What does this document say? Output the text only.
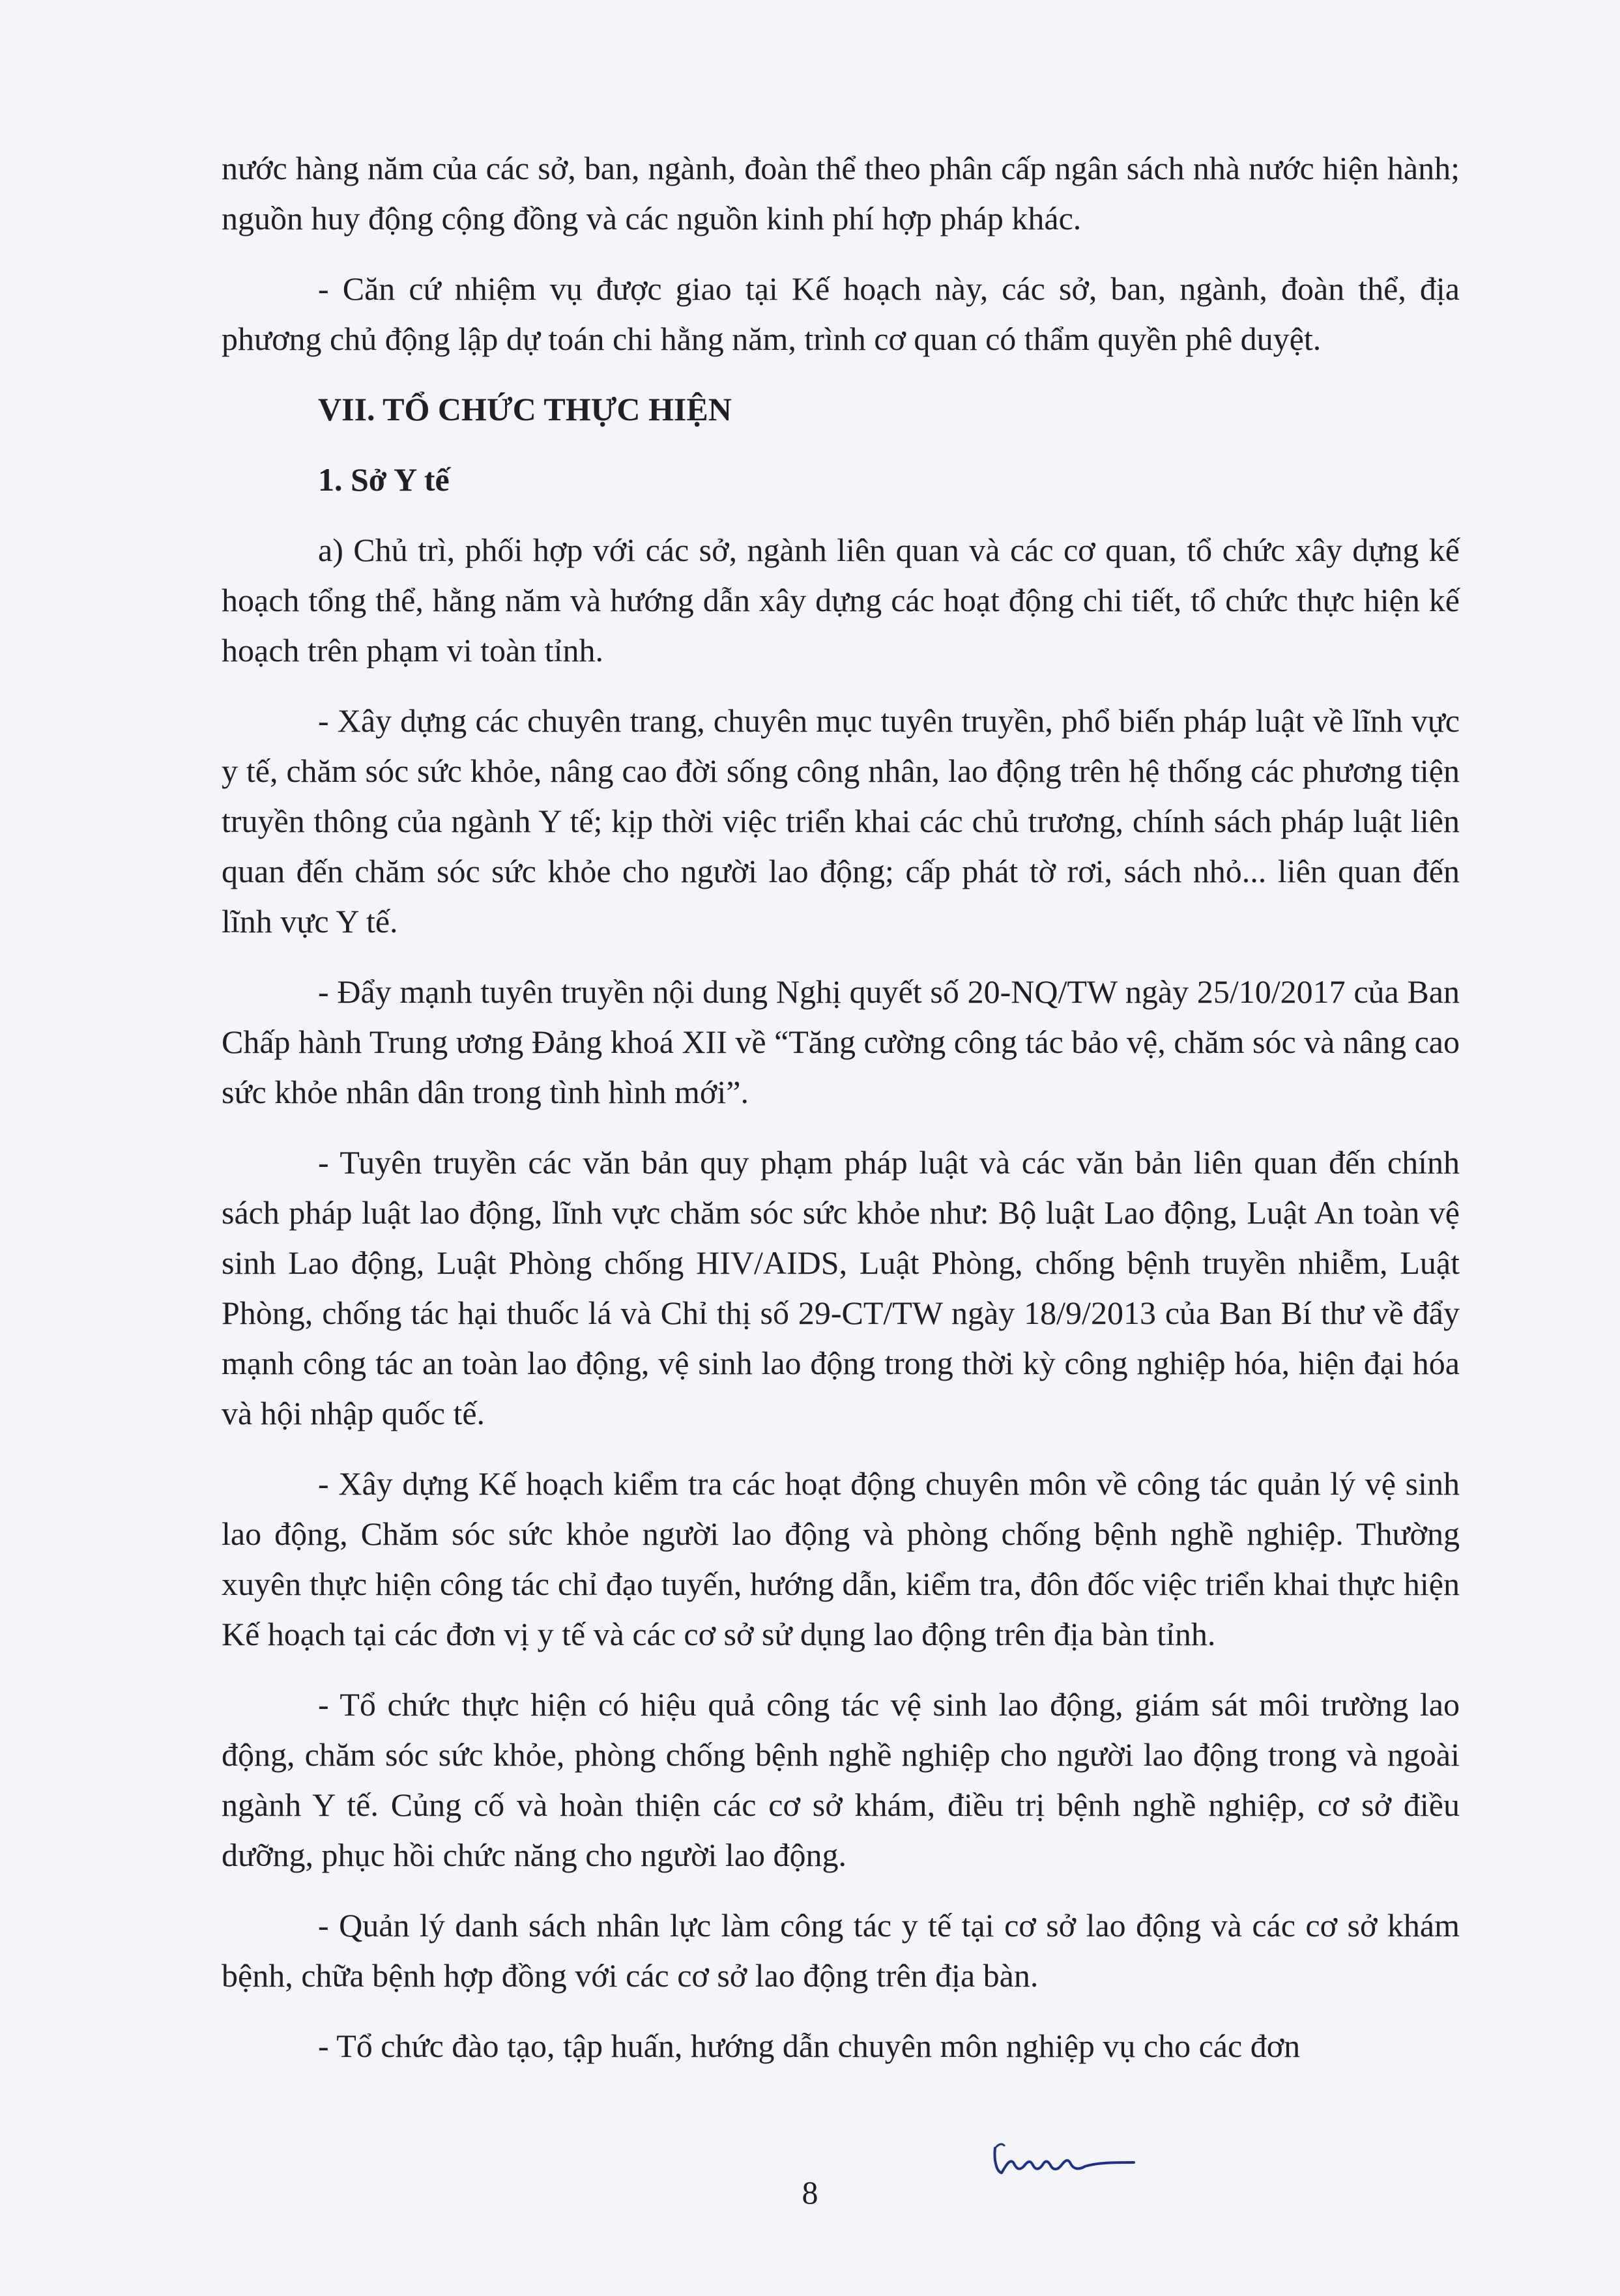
nước hàng năm của các sở, ban, ngành, đoàn thể theo phân cấp ngân sách nhà nước hiện hành; nguồn huy động cộng đồng và các nguồn kinh phí hợp pháp khác.

- Căn cứ nhiệm vụ được giao tại Kế hoạch này, các sở, ban, ngành, đoàn thể, địa phương chủ động lập dự toán chi hằng năm, trình cơ quan có thẩm quyền phê duyệt.

VII. TỔ CHỨC THỰC HIỆN
1. Sở Y tế

a) Chủ trì, phối hợp với các sở, ngành liên quan và các cơ quan, tổ chức xây dựng kế hoạch tổng thể, hằng năm và hướng dẫn xây dựng các hoạt động chi tiết, tổ chức thực hiện kế hoạch trên phạm vi toàn tỉnh.

- Xây dựng các chuyên trang, chuyên mục tuyên truyền, phổ biến pháp luật về lĩnh vực y tế, chăm sóc sức khỏe, nâng cao đời sống công nhân, lao động trên hệ thống các phương tiện truyền thông của ngành Y tế; kịp thời việc triển khai các chủ trương, chính sách pháp luật liên quan đến chăm sóc sức khỏe cho người lao động; cấp phát tờ rơi, sách nhỏ... liên quan đến lĩnh vực Y tế.

- Đẩy mạnh tuyên truyền nội dung Nghị quyết số 20-NQ/TW ngày 25/10/2017 của Ban Chấp hành Trung ương Đảng khoá XII về “Tăng cường công tác bảo vệ, chăm sóc và nâng cao sức khỏe nhân dân trong tình hình mới”.

- Tuyên truyền các văn bản quy phạm pháp luật và các văn bản liên quan đến chính sách pháp luật lao động, lĩnh vực chăm sóc sức khỏe như: Bộ luật Lao động, Luật An toàn vệ sinh Lao động, Luật Phòng chống HIV/AIDS, Luật Phòng, chống bệnh truyền nhiễm, Luật Phòng, chống tác hại thuốc lá và Chỉ thị số 29-CT/TW ngày 18/9/2013 của Ban Bí thư về đẩy mạnh công tác an toàn lao động, vệ sinh lao động trong thời kỳ công nghiệp hóa, hiện đại hóa và hội nhập quốc tế.

- Xây dựng Kế hoạch kiểm tra các hoạt động chuyên môn về công tác quản lý vệ sinh lao động, Chăm sóc sức khỏe người lao động và phòng chống bệnh nghề nghiệp. Thường xuyên thực hiện công tác chỉ đạo tuyến, hướng dẫn, kiểm tra, đôn đốc việc triển khai thực hiện Kế hoạch tại các đơn vị y tế và các cơ sở sử dụng lao động trên địa bàn tỉnh.

- Tổ chức thực hiện có hiệu quả công tác vệ sinh lao động, giám sát môi trường lao động, chăm sóc sức khỏe, phòng chống bệnh nghề nghiệp cho người lao động trong và ngoài ngành Y tế. Củng cố và hoàn thiện các cơ sở khám, điều trị bệnh nghề nghiệp, cơ sở điều dưỡng, phục hồi chức năng cho người lao động.

- Quản lý danh sách nhân lực làm công tác y tế tại cơ sở lao động và các cơ sở khám bệnh, chữa bệnh hợp đồng với các cơ sở lao động trên địa bàn.

- Tổ chức đào tạo, tập huấn, hướng dẫn chuyên môn nghiệp vụ cho các đơn

8
